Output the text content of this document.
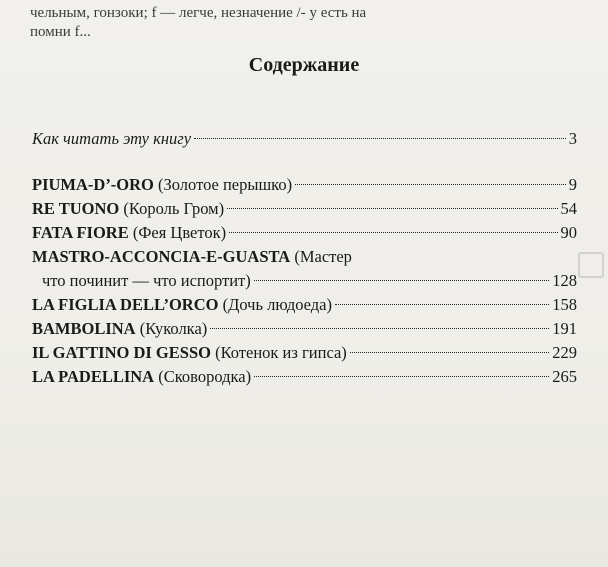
чельным, гонзоки; f — легче, незначение /- у есть на

помни f...

Содержание
Как читать эту книгу	3
PIUMA-D’-ORO (Золотое перышко)	9
RE TUONO (Король Гром)	54
FATA FIORE (Фея Цветок)	90
MASTRO-ACCONCIA-E-GUASTA (Мастер
что починит — что испортит)	128
LA FIGLIA DELL’ORCO (Дочь людоеда)	158
BAMBOLINA (Куколка)	191
IL GATTINO DI GESSO (Котенок из гипса)	229
LA PADELLINA (Сковородка)	265
